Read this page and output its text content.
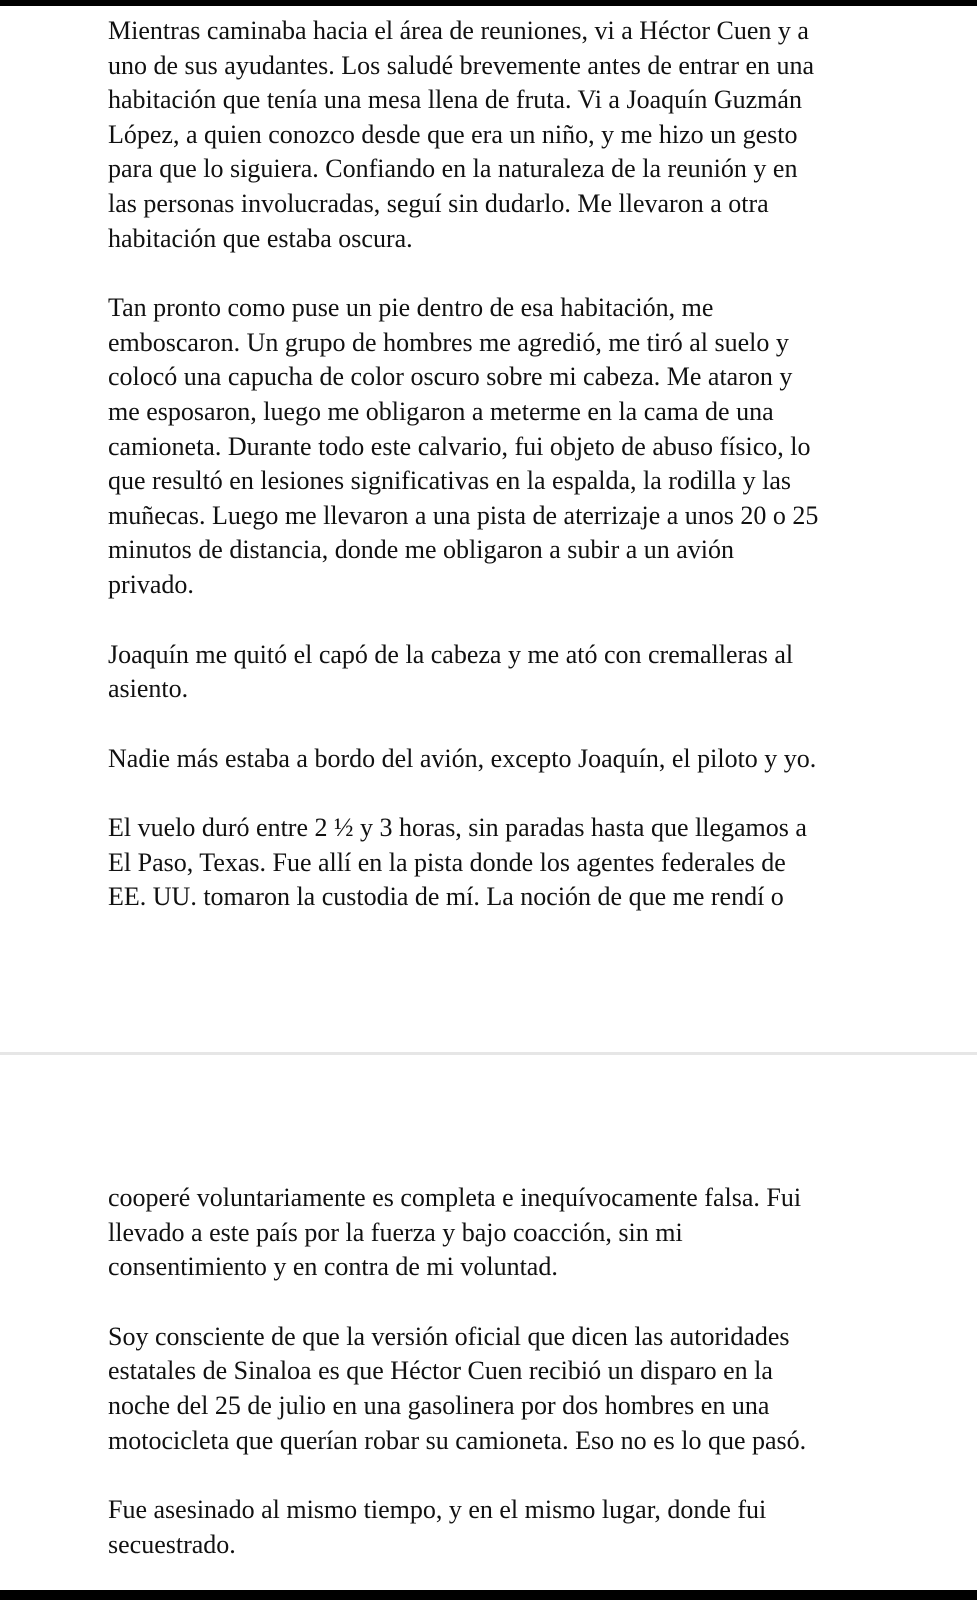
Mientras caminaba hacia el área de reuniones, vi a Héctor Cuen y a
uno de sus ayudantes. Los saludé brevemente antes de entrar en una
habitación que tenía una mesa llena de fruta. Vi a Joaquín Guzmán
López, a quien conozco desde que era un niño, y me hizo un gesto
para que lo siguiera. Confiando en la naturaleza de la reunión y en
las personas involucradas, seguí sin dudarlo. Me llevaron a otra
habitación que estaba oscura.

Tan pronto como puse un pie dentro de esa habitación, me
emboscaron. Un grupo de hombres me agredió, me tiró al suelo y
colocó una capucha de color oscuro sobre mi cabeza. Me ataron y
me esposaron, luego me obligaron a meterme en la cama de una
camioneta. Durante todo este calvario, fui objeto de abuso físico, lo
que resultó en lesiones significativas en la espalda, la rodilla y las
muñecas. Luego me llevaron a una pista de aterrizaje a unos 20 o 25
minutos de distancia, donde me obligaron a subir a un avión
privado.

Joaquín me quitó el capó de la cabeza y me ató con cremalleras al
asiento.

Nadie más estaba a bordo del avión, excepto Joaquín, el piloto y yo.

El vuelo duró entre 2 ½ y 3 horas, sin paradas hasta que llegamos a
El Paso, Texas. Fue allí en la pista donde los agentes federales de
EE. UU. tomaron la custodia de mí. La noción de que me rendí o

cooperé voluntariamente es completa e inequívocamente falsa. Fui
llevado a este país por la fuerza y bajo coacción, sin mi
consentimiento y en contra de mi voluntad.

Soy consciente de que la versión oficial que dicen las autoridades
estatales de Sinaloa es que Héctor Cuen recibió un disparo en la
noche del 25 de julio en una gasolinera por dos hombres en una
motocicleta que querían robar su camioneta. Eso no es lo que pasó.

Fue asesinado al mismo tiempo, y en el mismo lugar, donde fui
secuestrado.
